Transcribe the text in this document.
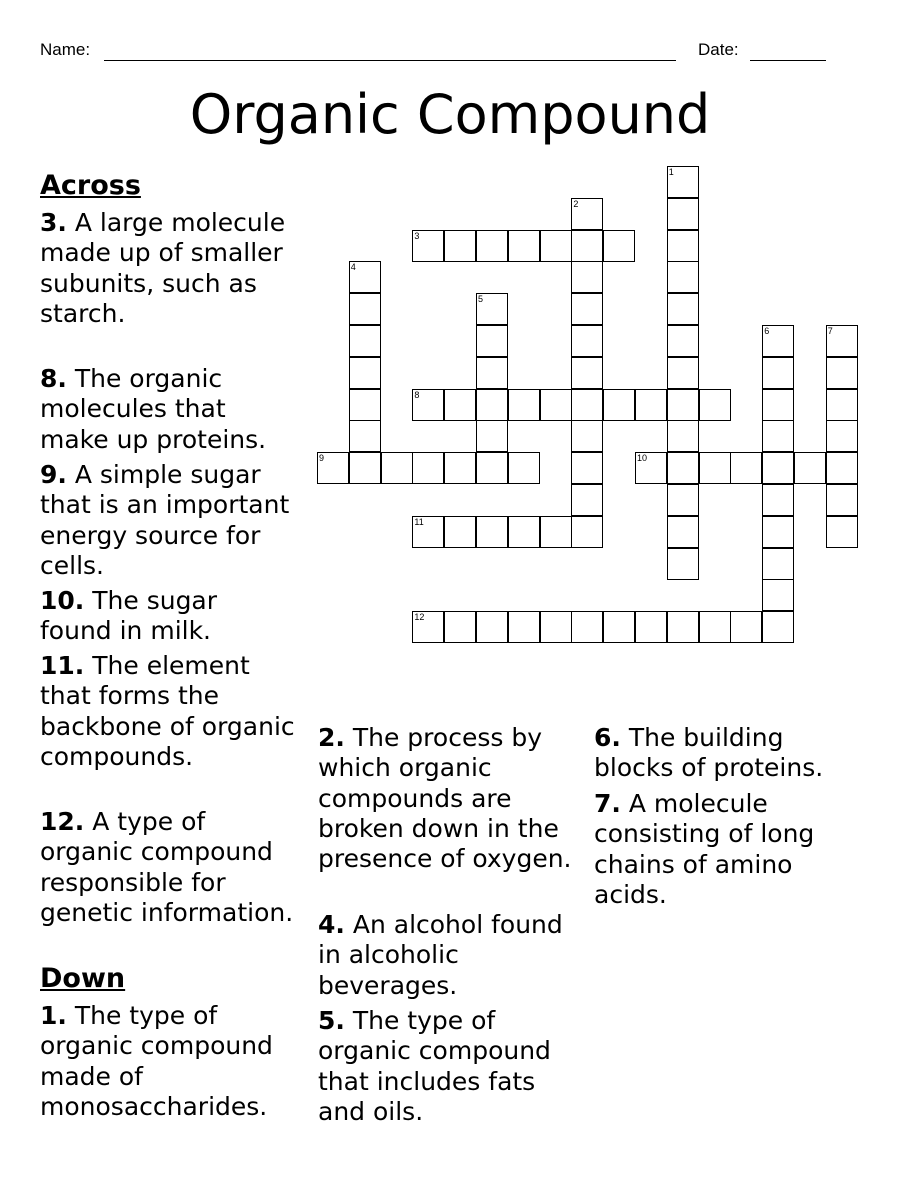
Name:	Date:
Organic Compound
1
2
3
4
5
6	7
8
9	10
11
12
Across
3. A large molecule made up of smaller subunits, such as starch.
8. The organic molecules that make up proteins.
9. A simple sugar that is an important energy source for cells.
10. The sugar found in milk.
11. The element that forms the backbone of organic compounds.
12. A type of organic compound responsible for genetic information.
Down
1. The type of organic compound made of monosaccharides.
2. The process by which organic compounds are broken down in the presence of oxygen.
4. An alcohol found in alcoholic beverages.
5. The type of organic compound that includes fats and oils.
6. The building blocks of proteins.
7. A molecule consisting of long chains of amino acids.
